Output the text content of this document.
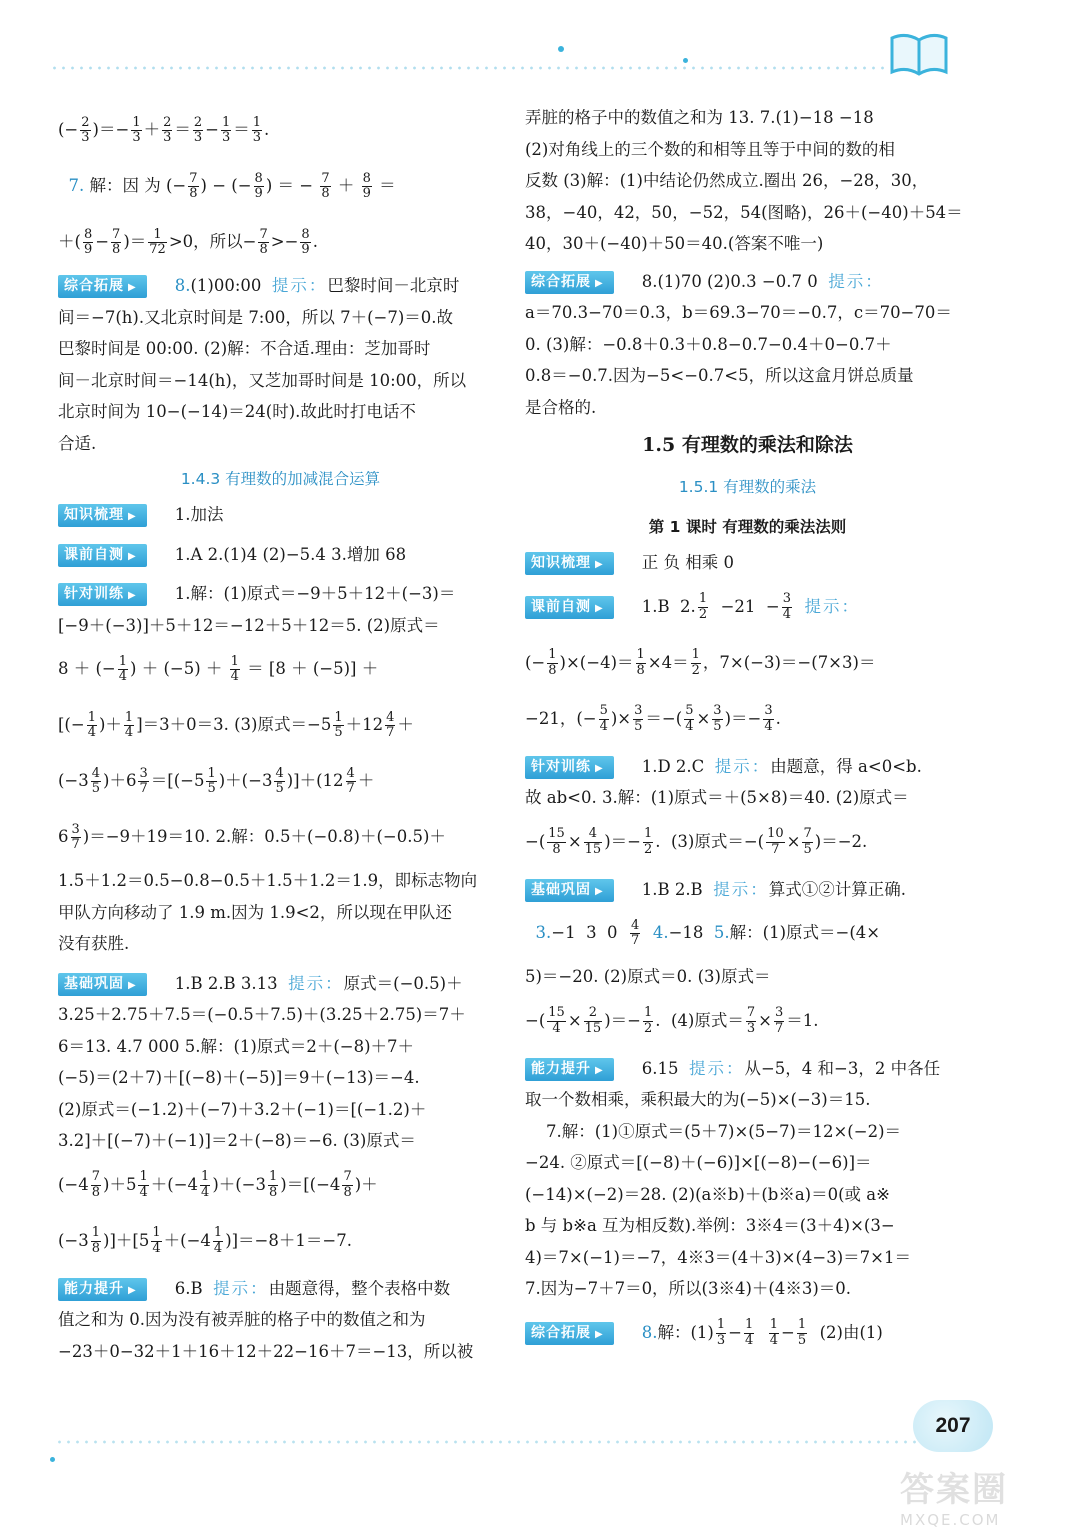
(− $\frac{2}{3}$ )＝− $\frac{1}{3} + \frac{2}{3} = \frac{2}{3} - \frac{1}{3} = \frac{1}{3}$ .
7. 解：因 为 (− $\frac{7}{8}$ ) − (− $\frac{8}{9}$ ) ＝ − $\frac{7}{8} + \frac{8}{9}$ ＝
＋( $\frac{8}{9} - \frac{7}{8}$ )＝ $\frac{1}{72} >0$，所以− $\frac{7}{8} >- \frac{8}{9}$ .
综合拓展 ▶ 8.(1)00:00 提示：巴黎时间－北京时
间＝−7(h).又北京时间是 7:00，所以 7＋(−7)＝0.故
巴黎时间是 00:00. (2)解：不合适.理由：芝加哥时
间－北京时间＝−14(h)，又芝加哥时间是 10:00，所以
北京时间为 10−(−14)＝24(时).故此时打电话不
合适.
1.4.3 有理数的加减混合运算
知识梳理 ▶ 1.加法
课前自测 ▶ 1.A 2.(1)4 (2)−5.4 3.增加 68
针对训练 ▶ 1.解：(1)原式＝−9＋5＋12＋(−3)＝
[−9＋(−3)]＋5＋12＝−12＋5＋12＝5. (2)原式＝
8 ＋ (− $\frac{1}{4}$ ) ＋ $(-5) + \frac{1}{4} = [8 + (-5)]$ ＋
[(− $\frac{1}{4}$ )＋ $\frac{1}{4} ]=3+0=3$. (3)原式$=-5 \frac{1}{5} +12 \frac{4}{7}$ ＋
$(-3 \frac{4}{5} )+6 \frac{3}{7} =[(-5 \frac{1}{5} )+(-3 \frac{4}{5} )]+(12 \frac{4}{7}$ ＋
$6 \frac{3}{7} )=-9+19=10$. 2.解：0.5＋(−0.8)＋(−0.5)＋
1.5＋1.2＝0.5−0.8−0.5＋1.5＋1.2＝1.9，即标志物向
甲队方向移动了 1.9 m.因为 1.9<2，所以现在甲队还
没有获胜.
基础巩固 ▶ 1.B 2.B 3.13 提示：原式＝(−0.5)＋
3.25＋2.75＋7.5＝(−0.5＋7.5)＋(3.25＋2.75)＝7＋
6＝13. 4.7 000 5.解：(1)原式＝2＋(−8)＋7＋
(−5)＝(2＋7)＋[(−8)＋(−5)]＝9＋(−13)＝−4.
(2)原式＝(−1.2)＋(−7)＋3.2＋(−1)＝[(−1.2)＋
3.2]＋[(−7)＋(−1)]＝2＋(−8)＝−6. (3)原式＝
$(-4 \frac{7}{8} )+5 \frac{1}{4} +(-4 \frac{1}{4} )+(-3 \frac{1}{8} )=[(-4 \frac{7}{8}$ )＋
$(-3 \frac{1}{8} )]+[5 \frac{1}{4} +(-4 \frac{1}{4} )]=-8+1=-7$.
能力提升 ▶ 6.B 提示：由题意得，整个表格中数
值之和为 0.因为没有被弄脏的格子中的数值之和为
−23＋0−32＋1＋16＋12＋22−16＋7＝−13，所以被
弄脏的格子中的数值之和为 13. 7.(1)−18 −18
(2)对角线上的三个数的和相等且等于中间的数的相
反数 (3)解：(1)中结论仍然成立.圈出 26，−28，30，
38，−40，42，50，−52，54(图略)，26＋(−40)＋54＝
40，30＋(−40)＋50＝40.(答案不唯一)
综合拓展 ▶ 8.(1)70 (2)0.3 −0.7 0 提示：
a＝70.3−70＝0.3，b＝69.3−70＝−0.7，c＝70−70＝
0. (3)解：−0.8＋0.3＋0.8−0.7−0.4＋0−0.7＋
0.8＝−0.7.因为−5<−0.7<5，所以这盒月饼总质量
是合格的.
1.5 有理数的乘法和除法
1.5.1 有理数的乘法
第 1 课时 有理数的乘法法则
知识梳理 ▶ 正 负 相乘 0
课前自测 ▶ 1.B  2. $\frac{1}{2} -21 - \frac{3}{4}$ 提示：
(− $\frac{1}{8} )\times(-4)= \frac{1}{8} \times 4= \frac{1}{2}$ ，7×(−3)＝−(7×3)＝
−21，(− $\frac{5}{4}$ )× $\frac{3}{5}$ ＝−( $\frac{5}{4} \times \frac{3}{5}$ )＝− $\frac{3}{4}$ .
针对训练 ▶ 1.D 2.C 提示：由题意，得 a<0<b.
故 ab<0. 3.解：(1)原式＝＋(5×8)＝40. (2)原式＝
−( $\frac{15}{8} \times \frac{4}{15}$ )＝− $\frac{1}{2}$ .  (3)原式＝−( $\frac{10}{7} \times \frac{7}{5} )=-2$.
基础巩固 ▶ 1.B 2.B 提示：算式①②计算正确.
3.−1  3  $0 \frac{4}{7} 4.-18$  5.解：(1)原式＝−(4×
5)＝−20. (2)原式＝0. (3)原式＝
−( $\frac{15}{4} \times \frac{2}{15}$ )＝− $\frac{1}{2}$ .  (4)原式＝ $\frac{7}{3} \times \frac{3}{7} =1$.
能力提升 ▶ 6.15 提示：从−5，4 和−3，2 中各任
取一个数相乘，乘积最大的为(−5)×(−3)＝15.
7.解：(1)①原式＝(5＋7)×(5−7)＝12×(−2)＝
−24. ②原式＝[(−8)＋(−6)]×[(−8)−(−6)]＝
(−14)×(−2)＝28. (2)(a※b)＋(b※a)＝0(或 a※
b 与 b※a 互为相反数).举例：3※4＝(3＋4)×(3−
4)＝7×(−1)＝−7，4※3＝(4＋3)×(4−3)＝7×1＝
7.因为−7＋7＝0，所以(3※4)＋(4※3)＝0.
综合拓展 ▶ 8.解：$(1) \frac{1}{3} - \frac{1}{4}$
$\frac{1}{4} - \frac{1}{5} (2)$由(1)
207
答案圈
MXQE.COM
